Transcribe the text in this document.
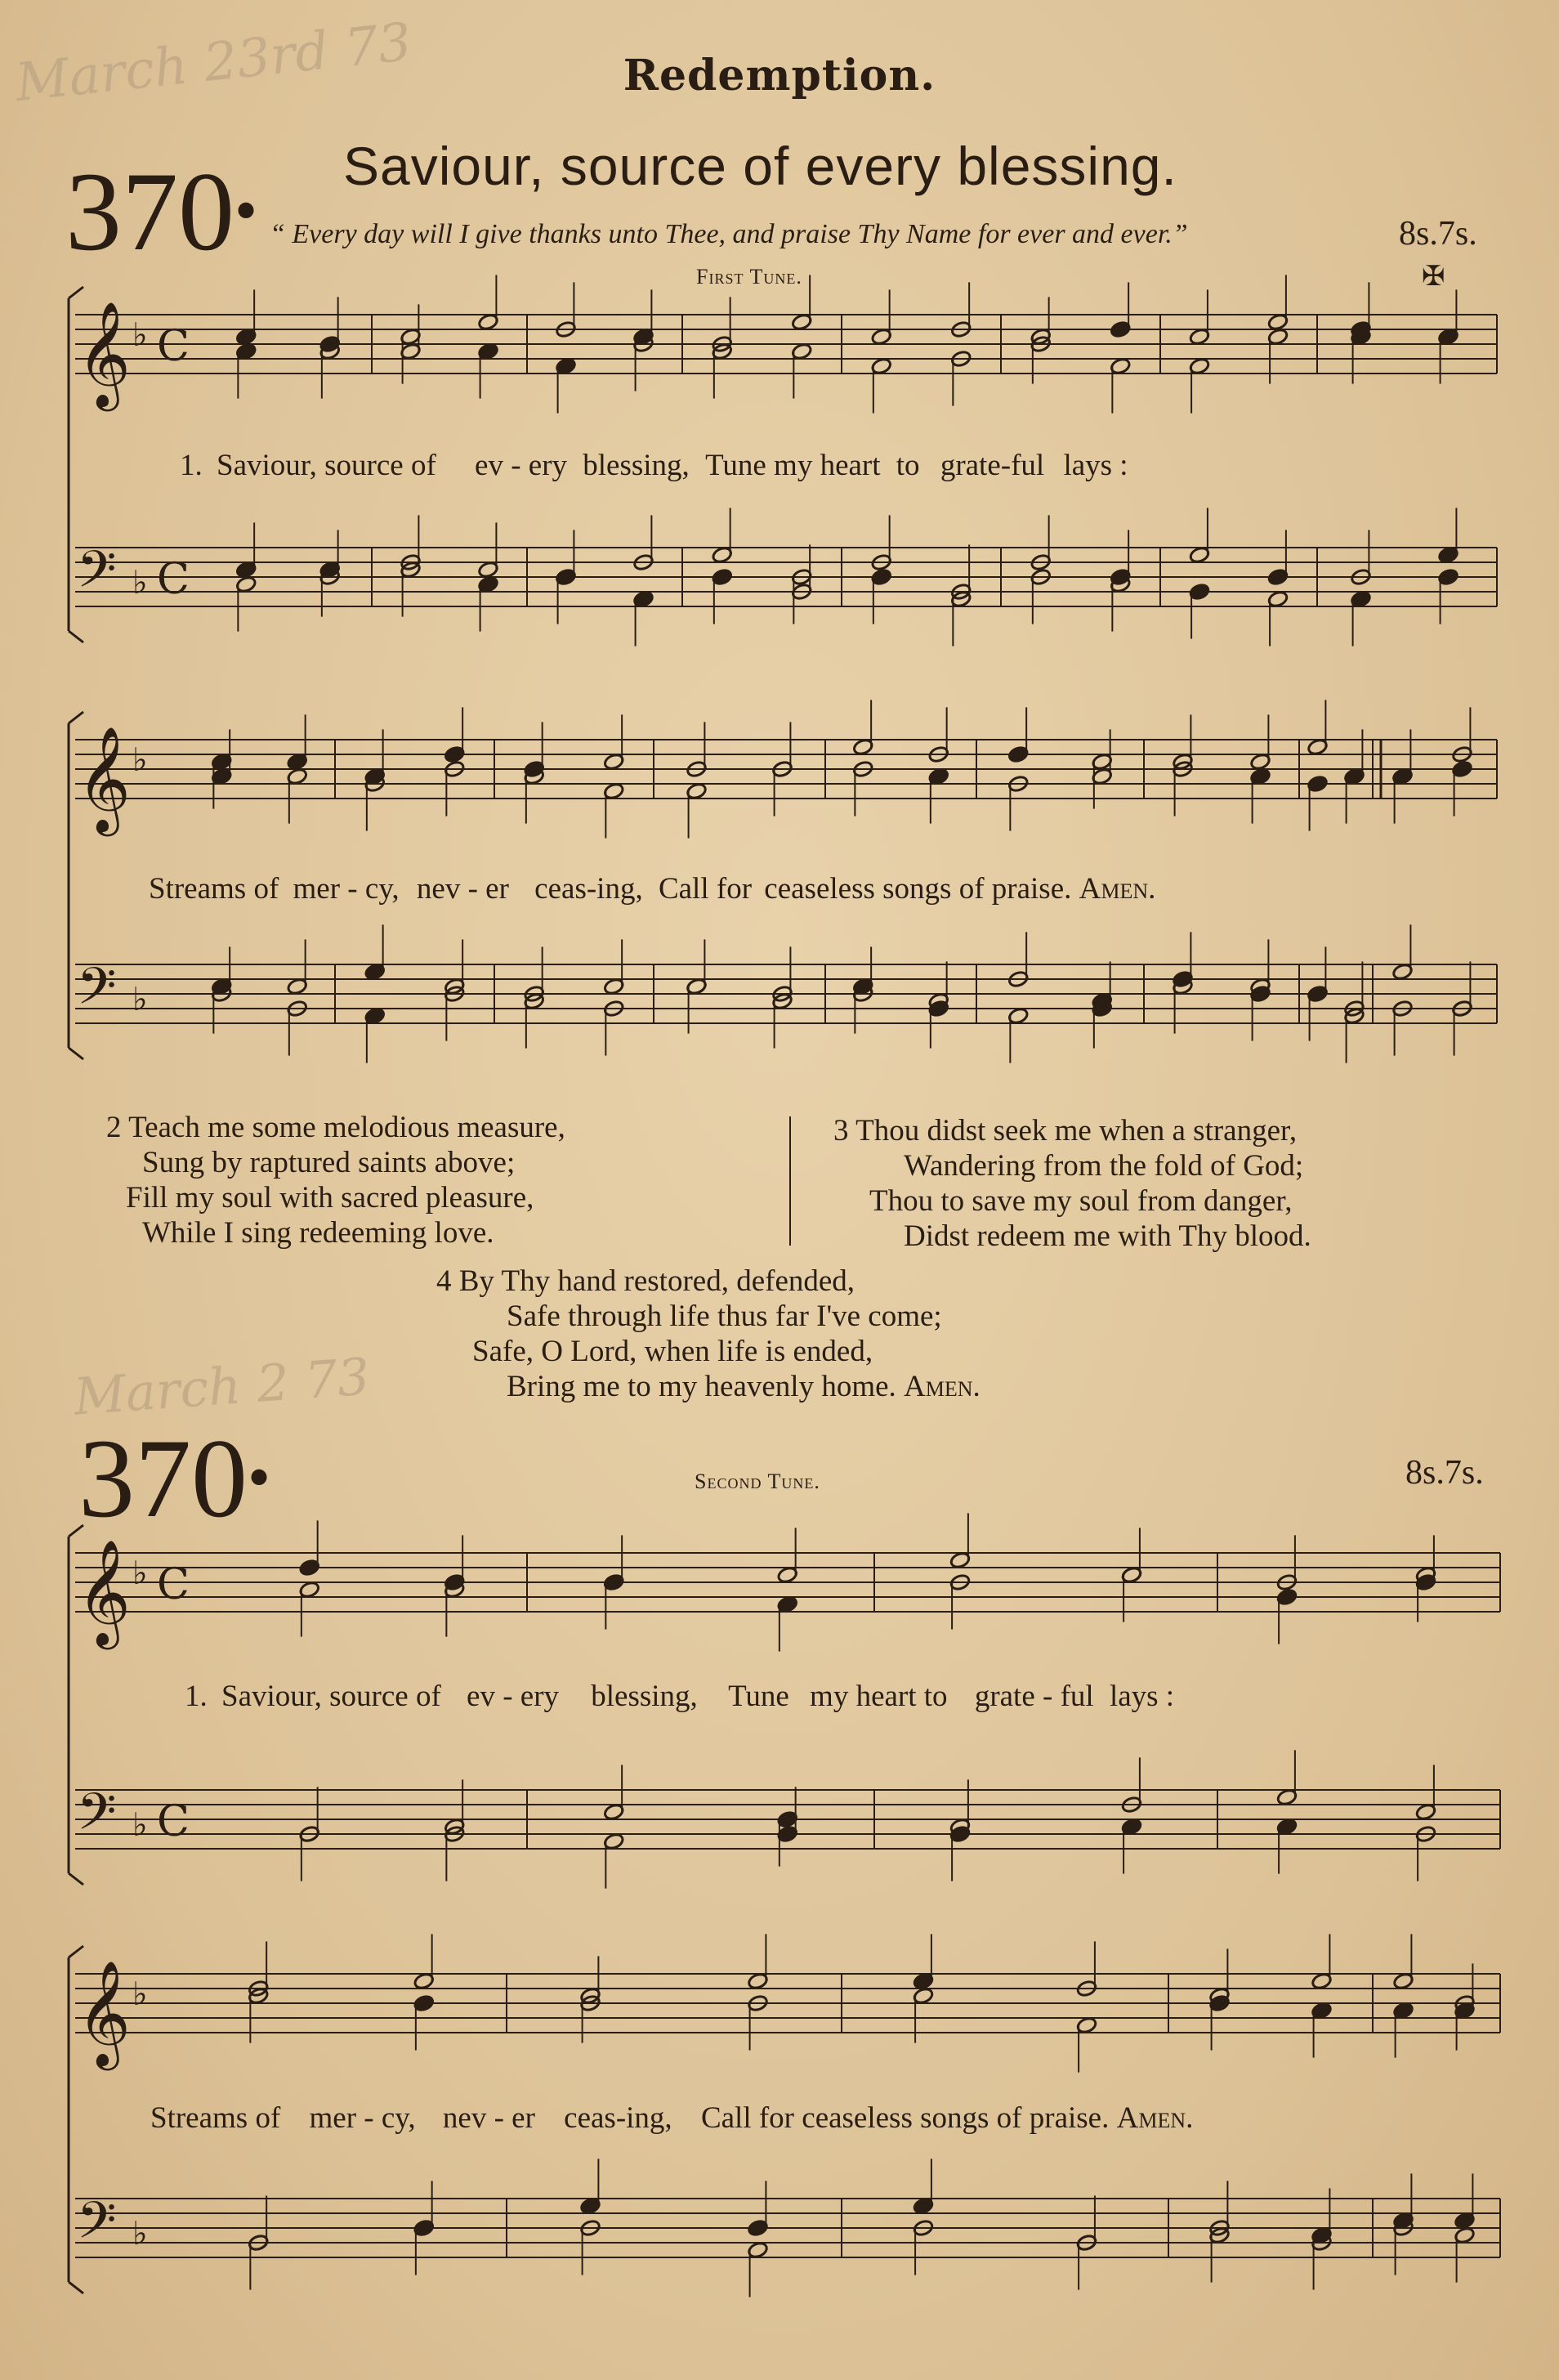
March 23rd 73
March 2 73
Redemption.
370•
Saviour, source of every blessing.
“ Every day will I give thanks unto Thee, and praise Thy Name for ever and ever.”	8s.7s.
First Tune.	✠
𝄞
𝄢
♭
♭
C
C
𝄞
𝄢
♭
♭
𝄞
𝄢
♭
♭
C
C
𝄞
𝄢
♭
♭
1. Saviour, source of ev - ery blessing, Tune my heart to grate-ful lays :
Streams of mer - cy, nev - er ceas-ing, Call for ceaseless songs of praise. Amen.
2 Teach me some melodious measure,
Sung by raptured saints above;
Fill my soul with sacred pleasure,
While I sing redeeming love.
3 Thou didst seek me when a stranger,
Wandering from the fold of God;
Thou to save my soul from danger,
Didst redeem me with Thy blood.
4 By Thy hand restored, defended,
Safe through life thus far I've come;
Safe, O Lord, when life is ended,
Bring me to my heavenly home. Amen.
370•	Second Tune.	8s.7s.
1. Saviour, source of ev - ery blessing, Tune my heart to grate - ful lays :
Streams of mer - cy, nev - er ceas-ing, Call for ceaseless songs of praise. Amen.
